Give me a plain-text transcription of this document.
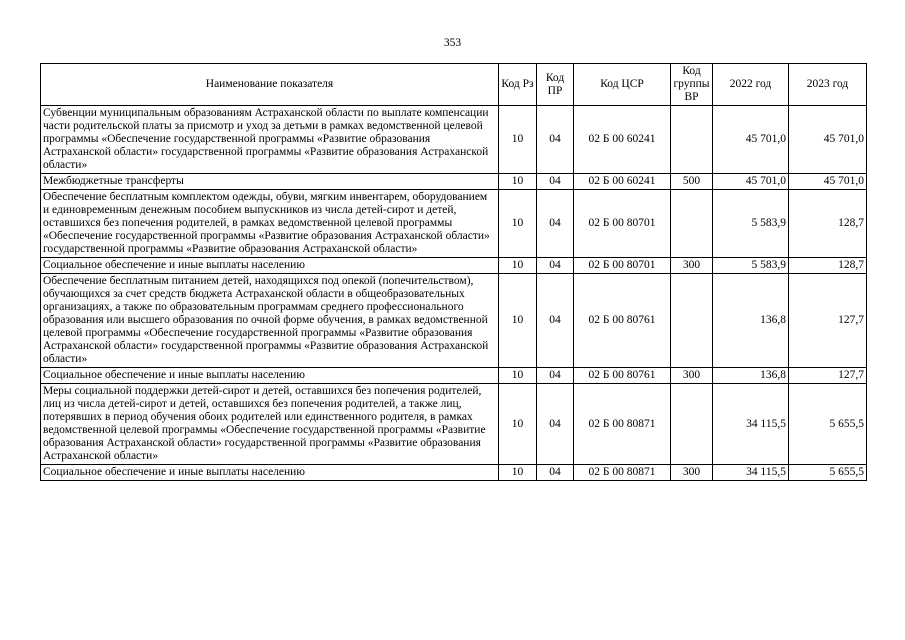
353
Наименование показателя	Код Рз	Код ПР	Код ЦСР	Код группы ВР	2022 год	2023 год
Субвенции муниципальным образованиям Астраханской области по выплате компенсации части родительской платы за присмотр и уход за детьми в рамках ведомственной целевой программы «Обеспечение государственной программы «Развитие образования Астраханской области» государственной программы «Развитие образования Астраханской области»	10	04	02 Б 00 60241		45 701,0	45 701,0
Межбюджетные трансферты	10	04	02 Б 00 60241	500	45 701,0	45 701,0
Обеспечение бесплатным комплектом одежды, обуви, мягким инвентарем, оборудованием и единовременным денежным пособием выпускников из числа детей-сирот и детей, оставшихся без попечения родителей, в рамках ведомственной целевой программы «Обеспечение государственной программы «Развитие образования Астраханской области» государственной программы «Развитие образования Астраханской области»	10	04	02 Б 00 80701		5 583,9	128,7
Социальное обеспечение и иные выплаты населению	10	04	02 Б 00 80701	300	5 583,9	128,7
Обеспечение бесплатным питанием детей, находящихся под опекой (попечительством), обучающихся за счет средств бюджета Астраханской области в общеобразовательных организациях, а также по образовательным программам среднего профессионального образования или высшего образования по очной форме обучения, в рамках ведомственной целевой программы «Обеспечение государственной программы «Развитие образования Астраханской области» государственной программы «Развитие образования Астраханской области»	10	04	02 Б 00 80761		136,8	127,7
Социальное обеспечение и иные выплаты населению	10	04	02 Б 00 80761	300	136,8	127,7
Меры социальной поддержки детей-сирот и детей, оставшихся без попечения родителей, лиц из числа детей-сирот и детей, оставшихся без попечения родителей, а также лиц, потерявших в период обучения обоих родителей или единственного родителя, в рамках ведомственной целевой программы «Обеспечение государственной программы «Развитие образования Астраханской области» государственной программы «Развитие образования Астраханской области»	10	04	02 Б 00 80871		34 115,5	5 655,5
Социальное обеспечение и иные выплаты населению	10	04	02 Б 00 80871	300	34 115,5	5 655,5
